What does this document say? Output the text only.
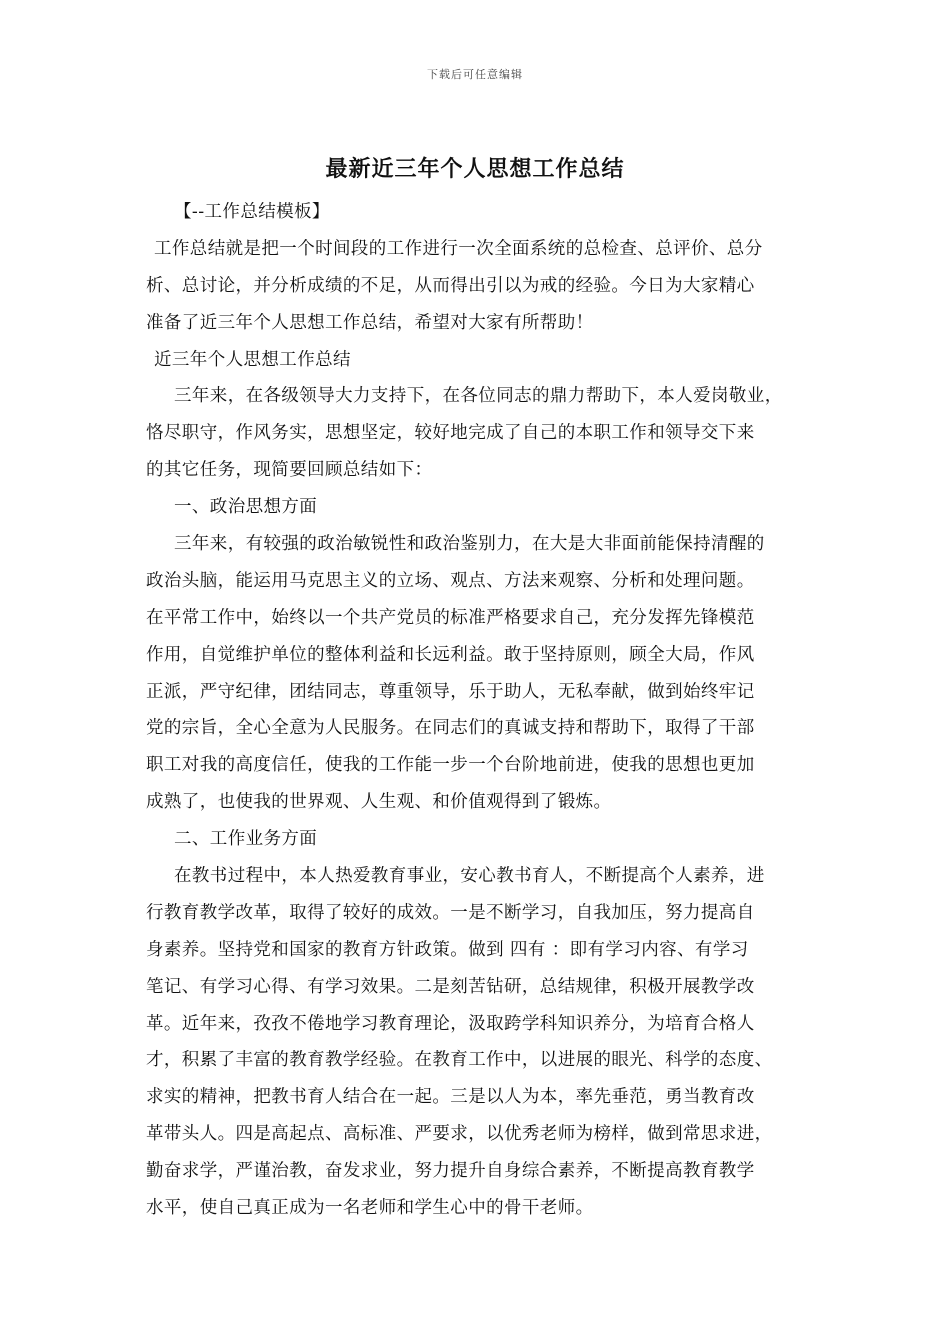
下载后可任意编辑
最新近三年个人思想工作总结
【--工作总结模板】
工作总结就是把一个时间段的工作进行一次全面系统的总检查、总评价、总分
析、总讨论，并分析成绩的不足，从而得出引以为戒的经验。今日为大家精心
准备了近三年个人思想工作总结，希望对大家有所帮助！
近三年个人思想工作总结
三年来，在各级领导大力支持下，在各位同志的鼎力帮助下，本人爱岗敬业，
恪尽职守，作风务实，思想坚定，较好地完成了自己的本职工作和领导交下来
的其它任务，现简要回顾总结如下：
一、政治思想方面
三年来，有较强的政治敏锐性和政治鉴别力，在大是大非面前能保持清醒的
政治头脑，能运用马克思主义的立场、观点、方法来观察、分析和处理问题。
在平常工作中，始终以一个共产党员的标准严格要求自己，充分发挥先锋模范
作用，自觉维护单位的整体利益和长远利益。敢于坚持原则，顾全大局，作风
正派，严守纪律，团结同志，尊重领导，乐于助人，无私奉献，做到始终牢记
党的宗旨，全心全意为人民服务。在同志们的真诚支持和帮助下，取得了干部
职工对我的高度信任，使我的工作能一步一个台阶地前进，使我的思想也更加
成熟了，也使我的世界观、人生观、和价值观得到了锻炼。
二、工作业务方面
在教书过程中，本人热爱教育事业，安心教书育人，不断提高个人素养，进
行教育教学改革，取得了较好的成效。一是不断学习，自我加压，努力提高自
身素养。坚持党和国家的教育方针政策。做到 四有 ：即有学习内容、有学习
笔记、有学习心得、有学习效果。二是刻苦钻研，总结规律，积极开展教学改
革。近年来，孜孜不倦地学习教育理论，汲取跨学科知识养分，为培育合格人
才，积累了丰富的教育教学经验。在教育工作中，以进展的眼光、科学的态度、
求实的精神，把教书育人结合在一起。三是以人为本，率先垂范，勇当教育改
革带头人。四是高起点、高标准、严要求，以优秀老师为榜样，做到常思求进，
勤奋求学，严谨治教，奋发求业，努力提升自身综合素养，不断提高教育教学
水平，使自己真正成为一名老师和学生心中的骨干老师。
